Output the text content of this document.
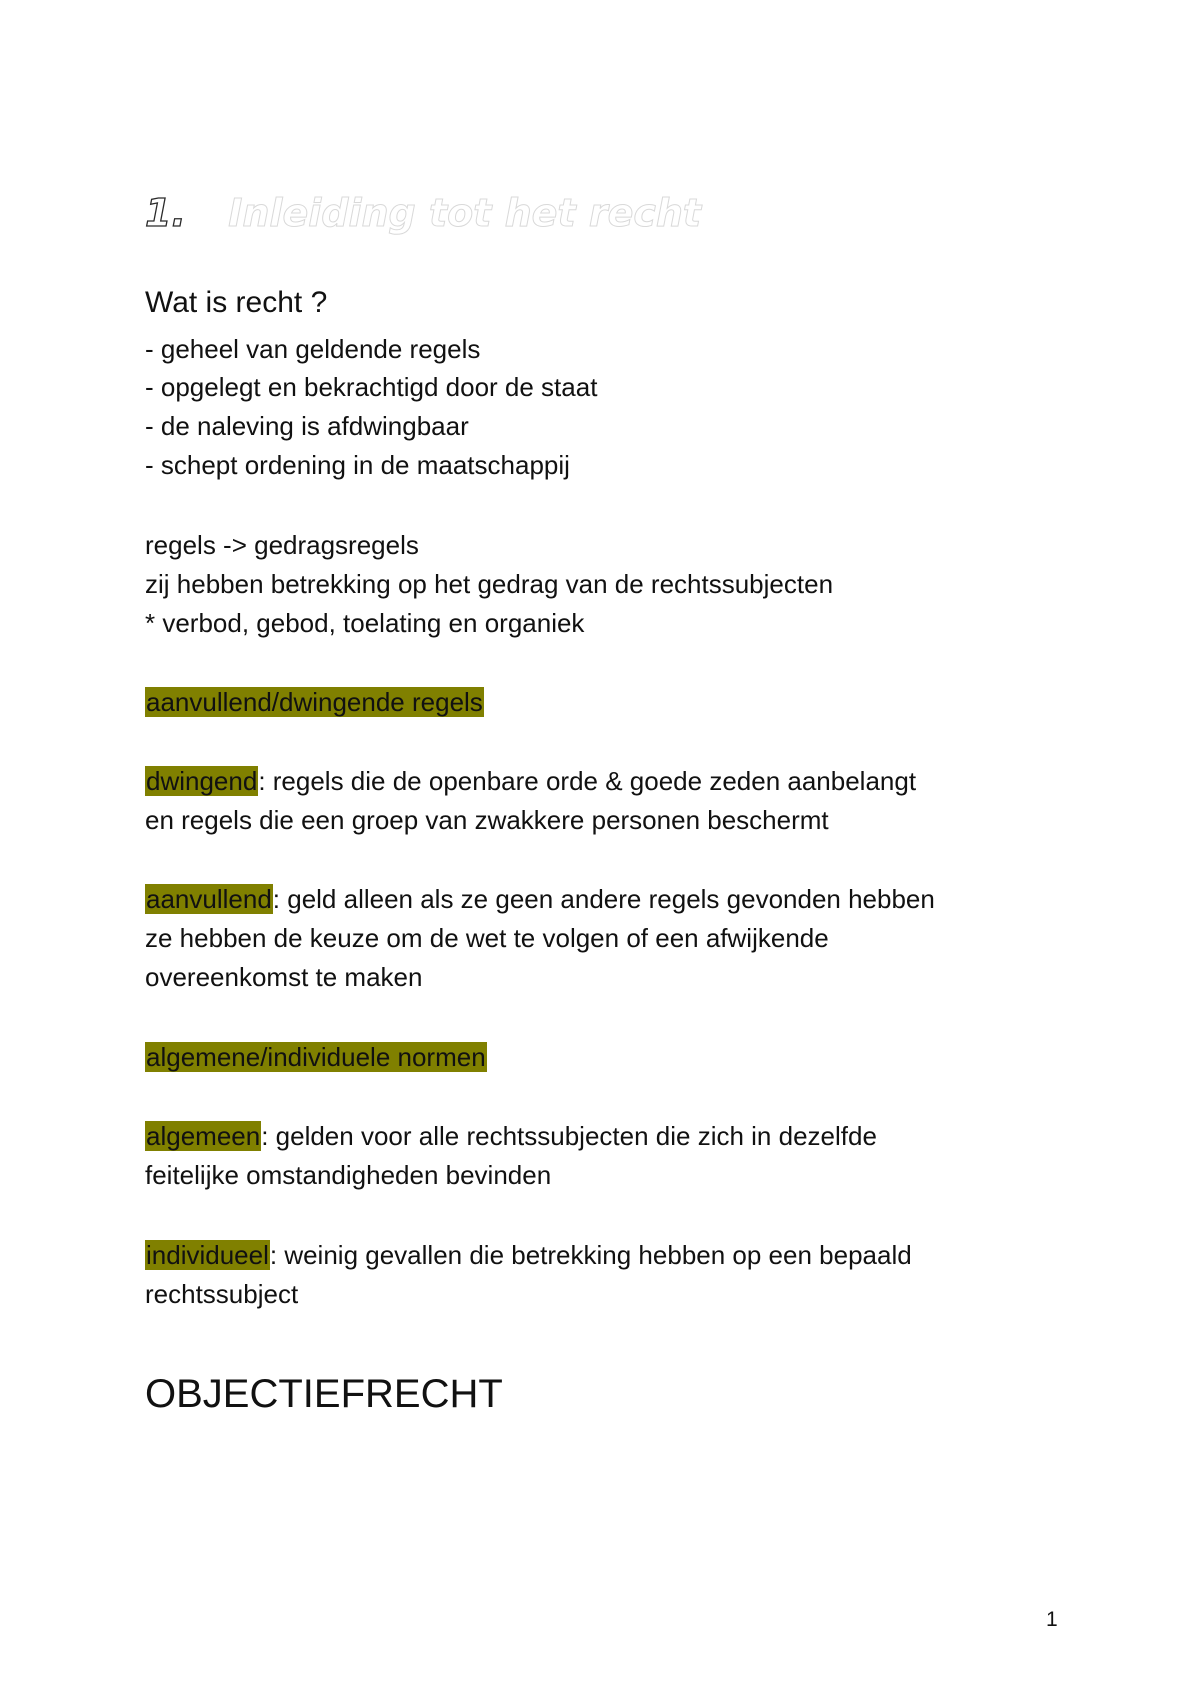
1. Inleiding tot het recht
Wat is recht ?
- geheel van geldende regels
- opgelegt en bekrachtigd door de staat
- de naleving is afdwingbaar
- schept ordening in de maatschappij
regels -> gedragsregels
zij hebben betrekking op het gedrag van de rechtssubjecten
* verbod, gebod, toelating en organiek
aanvullend/dwingende regels
dwingend: regels die de openbare orde & goede zeden aanbelangt
en regels die een groep van zwakkere personen beschermt
aanvullend: geld alleen als ze geen andere regels gevonden hebben
ze hebben de keuze om de wet te volgen of een afwijkende
overeenkomst te maken
algemene/individuele normen
algemeen: gelden voor alle rechtssubjecten die zich in dezelfde
feitelijke omstandigheden bevinden
individueel: weinig gevallen die betrekking hebben op een bepaald
rechtssubject
OBJECTIEFRECHT
1
